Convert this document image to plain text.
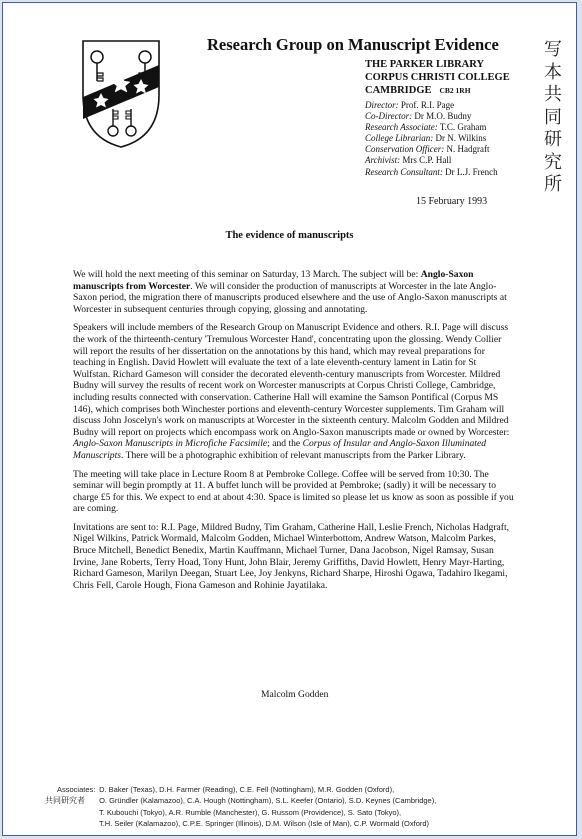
Research Group on Manuscript Evidence
THE PARKER LIBRARY
CORPUS CHRISTI COLLEGE
CAMBRIDGE CB2 1RH
Director: Prof. R.I. Page
Co-Director: Dr M.O. Budny
Research Associate: T.C. Graham
College Librarian: Dr N. Wilkins
Conservation Officer: N. Hadgraft
Archivist: Mrs C.P. Hall
Research Consultant: Dr L.J. French
写
本
共
同
研
究
所
15 February 1993
The evidence of manuscripts

We will hold the next meeting of this seminar on Saturday, 13 March. The subject will be: Anglo-Saxon manuscripts from Worcester. We will consider the production of manuscripts at Worcester in the late Anglo-Saxon period, the migration there of manuscripts produced elsewhere and the use of Anglo-Saxon manuscripts at Worcester in subsequent centuries through copying, glossing and annotating.

Speakers will include members of the Research Group on Manuscript Evidence and others. R.I. Page will discuss the work of the thirteenth-century 'Tremulous Worcester Hand', concentrating upon the glossing. Wendy Collier will report the results of her dissertation on the annotations by this hand, which may reveal preparations for teaching in English. David Howlett will evaluate the text of a late eleventh-century lament in Latin for St Wulfstan. Richard Gameson will consider the decorated eleventh-century manuscripts from Worcester. Mildred Budny will survey the results of recent work on Worcester manuscripts at Corpus Christi College, Cambridge, including results connected with conservation. Catherine Hall will examine the Samson Pontifical (Corpus MS 146), which comprises both Winchester portions and eleventh-century Worcester supplements. Tim Graham will discuss John Joscelyn's work on manuscripts at Worcester in the sixteenth century. Malcolm Godden and Mildred Budny will report on projects which encompass work on Anglo-Saxon manuscripts made or owned by Worcester: Anglo-Saxon Manuscripts in Microfiche Facsimile; and the Corpus of Insular and Anglo-Saxon Illuminated Manuscripts. There will be a photographic exhibition of relevant manuscripts from the Parker Library.

The meeting will take place in Lecture Room 8 at Pembroke College. Coffee will be served from 10:30. The seminar will begin promptly at 11. A buffet lunch will be provided at Pembroke; (sadly) it will be necessary to charge £5 for this. We expect to end at about 4:30. Space is limited so please let us know as soon as possible if you are coming.

Invitations are sent to: R.I. Page, Mildred Budny, Tim Graham, Catherine Hall, Leslie French, Nicholas Hadgraft, Nigel Wilkins, Patrick Wormald, Malcolm Godden, Michael Winterbottom, Andrew Watson, Malcolm Parkes, Bruce Mitchell, Benedict Benedix, Martin Kauffmann, Michael Turner, Dana Jacobson, Nigel Ramsay, Susan Irvine, Jane Roberts, Terry Hoad, Tony Hunt, John Blair, Jeremy Griffiths, David Howlett, Henry Mayr-Harting, Richard Gameson, Marilyn Deegan, Stuart Lee, Joy Jenkyns, Richard Sharpe, Hiroshi Ogawa, Tadahiro Ikegami, Chris Fell, Carole Hough, Fiona Gameson and Rohinie Jayatilaka.

Malcolm Godden
Associates: D. Baker (Texas), D.H. Farmer (Reading), C.E. Fell (Nottingham), M.R. Godden (Oxford),
共同研究者 O. Gründler (Kalamazoo), C.A. Hough (Nottingham), S.L. Keefer (Ontario), S.D. Keynes (Cambridge),
T. Kubouchi (Tokyo), A.R. Rumble (Manchester), G. Russom (Providence), S. Sato (Tokyo),
T.H. Seiler (Kalamazoo), C.P.E. Springer (Illinois), D.M. Wilson (Isle of Man), C.P. Wormald (Oxford)
